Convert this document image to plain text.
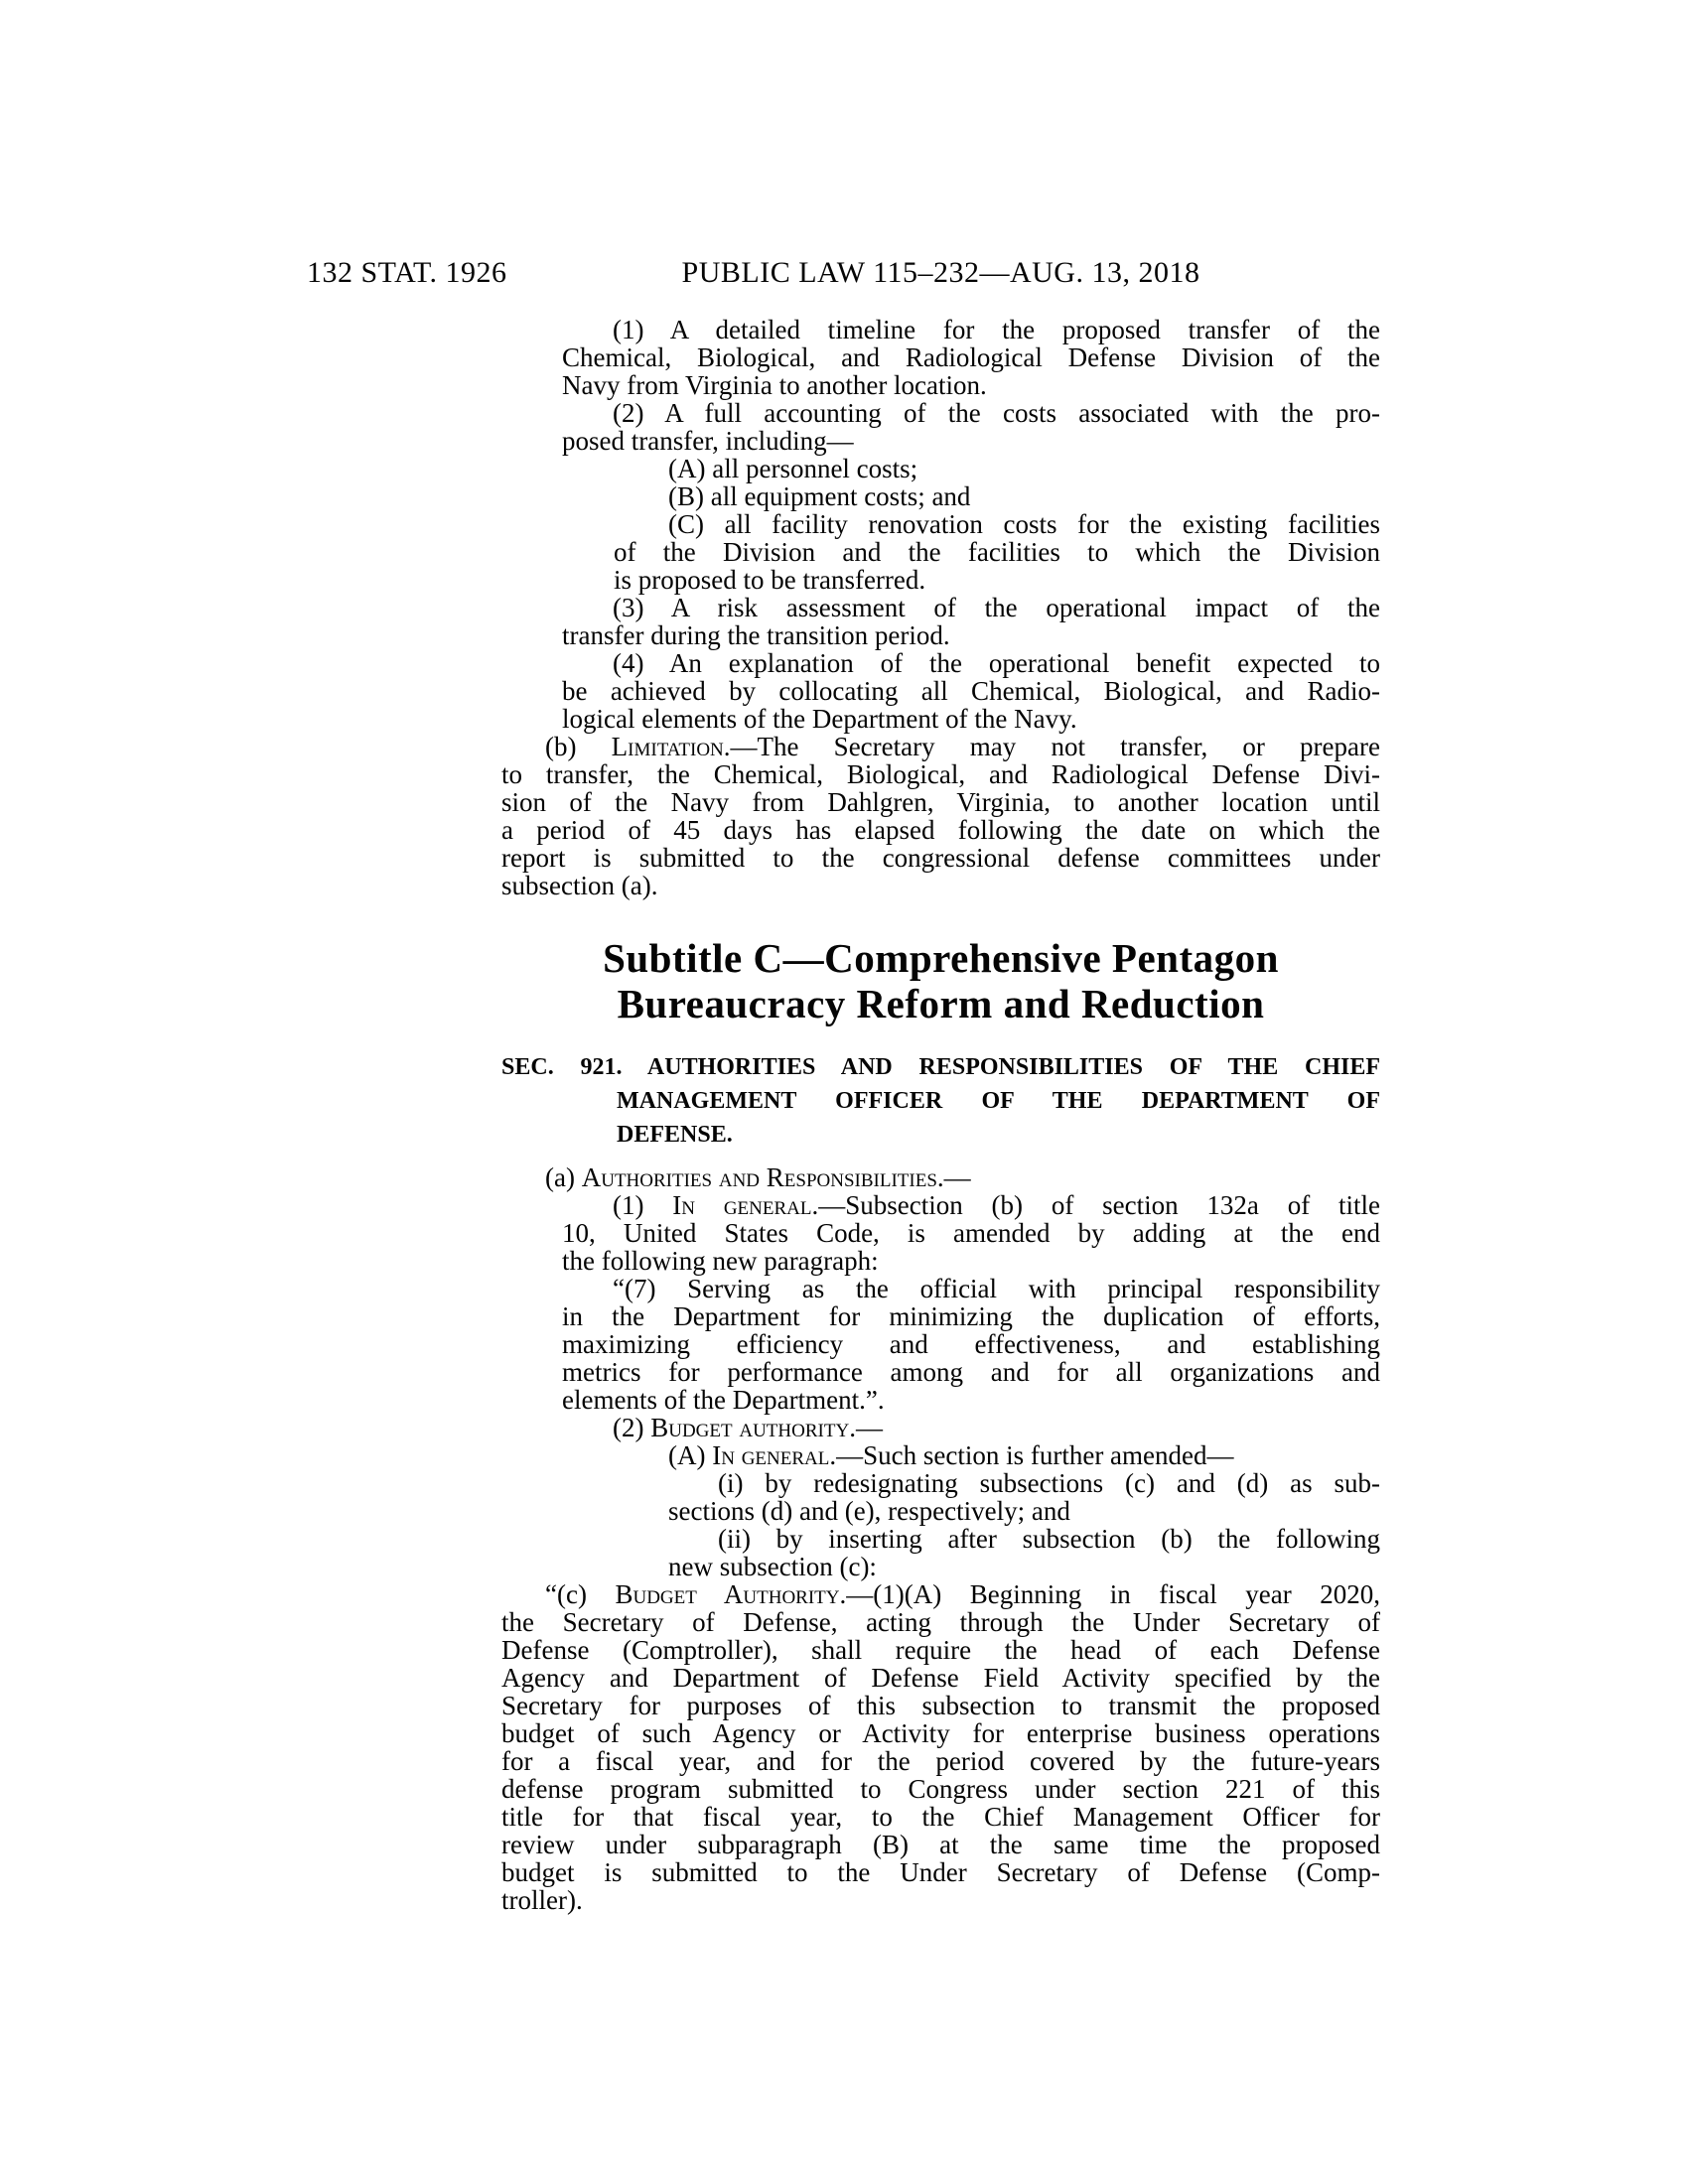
132 STAT. 1926	PUBLIC LAW 115–232—AUG. 13, 2018
(1) A detailed timeline for the proposed transfer of the
Chemical, Biological, and Radiological Defense Division of the
Navy from Virginia to another location.
(2) A full accounting of the costs associated with the pro-
posed transfer, including—
(A) all personnel costs;
(B) all equipment costs; and
(C) all facility renovation costs for the existing facilities
of the Division and the facilities to which the Division
is proposed to be transferred.
(3) A risk assessment of the operational impact of the
transfer during the transition period.
(4) An explanation of the operational benefit expected to
be achieved by collocating all Chemical, Biological, and Radio-
logical elements of the Department of the Navy.
(b) Limitation.—The Secretary may not transfer, or prepare
to transfer, the Chemical, Biological, and Radiological Defense Divi-
sion of the Navy from Dahlgren, Virginia, to another location until
a period of 45 days has elapsed following the date on which the
report is submitted to the congressional defense committees under
subsection (a).
Subtitle C—Comprehensive Pentagon
Bureaucracy Reform and Reduction
SEC. 921. AUTHORITIES AND RESPONSIBILITIES OF THE CHIEF
MANAGEMENT OFFICER OF THE DEPARTMENT OF
DEFENSE.
(a) Authorities and Responsibilities.—
(1) In general.—Subsection (b) of section 132a of title
10, United States Code, is amended by adding at the end
the following new paragraph:
“(7) Serving as the official with principal responsibility
in the Department for minimizing the duplication of efforts,
maximizing efficiency and effectiveness, and establishing
metrics for performance among and for all organizations and
elements of the Department.”.
(2) Budget authority.—
(A) In general.—Such section is further amended—
(i) by redesignating subsections (c) and (d) as sub-
sections (d) and (e), respectively; and
(ii) by inserting after subsection (b) the following
new subsection (c):
“(c) Budget Authority.—(1)(A) Beginning in fiscal year 2020,
the Secretary of Defense, acting through the Under Secretary of
Defense (Comptroller), shall require the head of each Defense
Agency and Department of Defense Field Activity specified by the
Secretary for purposes of this subsection to transmit the proposed
budget of such Agency or Activity for enterprise business operations
for a fiscal year, and for the period covered by the future-years
defense program submitted to Congress under section 221 of this
title for that fiscal year, to the Chief Management Officer for
review under subparagraph (B) at the same time the proposed
budget is submitted to the Under Secretary of Defense (Comp-
troller).
